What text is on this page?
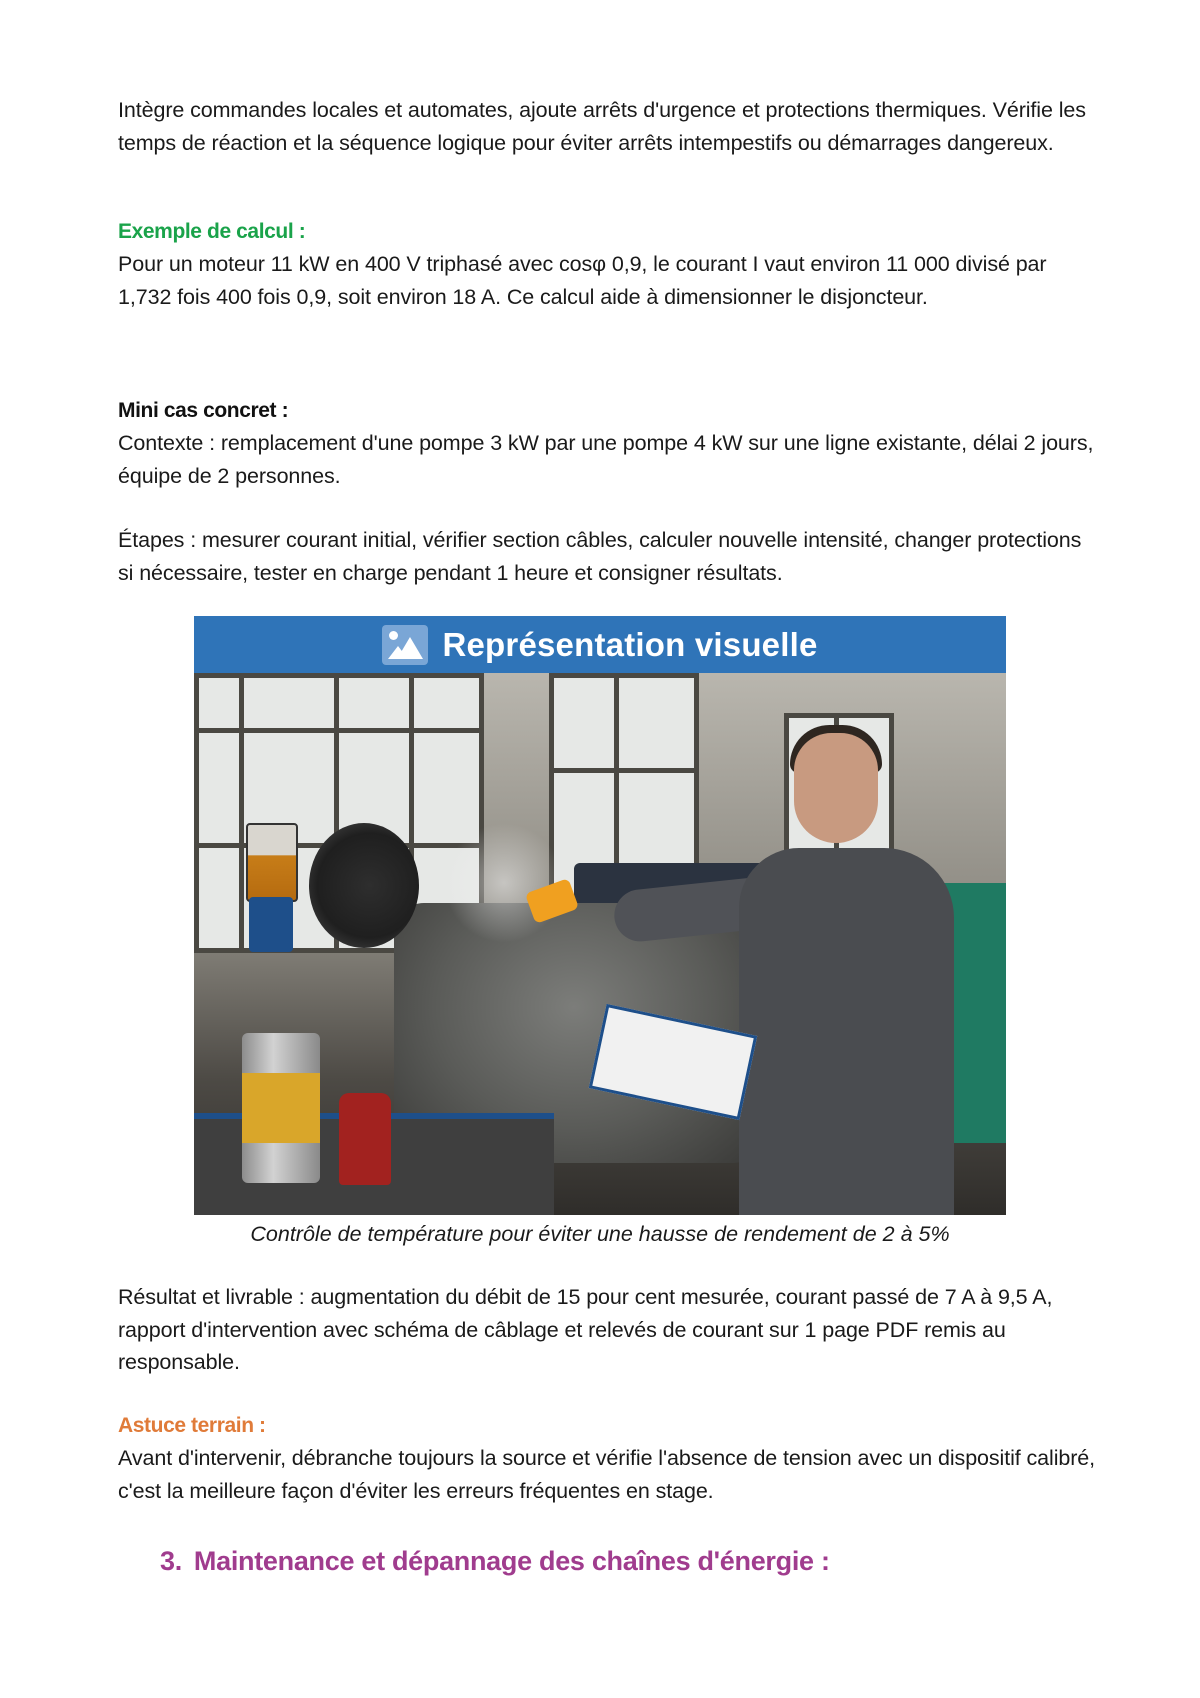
Intègre commandes locales et automates, ajoute arrêts d'urgence et protections thermiques. Vérifie les temps de réaction et la séquence logique pour éviter arrêts intempestifs ou démarrages dangereux.

Exemple de calcul :

Pour un moteur 11 kW en 400 V triphasé avec cosφ 0,9, le courant I vaut environ 11 000 divisé par 1,732 fois 400 fois 0,9, soit environ 18 A. Ce calcul aide à dimensionner le disjoncteur.

Mini cas concret :

Contexte : remplacement d'une pompe 3 kW par une pompe 4 kW sur une ligne existante, délai 2 jours, équipe de 2 personnes.

Étapes : mesurer courant initial, vérifier section câbles, calculer nouvelle intensité, changer protections si nécessaire, tester en charge pendant 1 heure et consigner résultats.

Représentation visuelle
Contrôle de température pour éviter une hausse de rendement de 2 à 5%

Résultat et livrable : augmentation du débit de 15 pour cent mesurée, courant passé de 7 A à 9,5 A, rapport d'intervention avec schéma de câblage et relevés de courant sur 1 page PDF remis au responsable.

Astuce terrain :

Avant d'intervenir, débranche toujours la source et vérifie l'absence de tension avec un dispositif calibré, c'est la meilleure façon d'éviter les erreurs fréquentes en stage.

3. Maintenance et dépannage des chaînes d'énergie :
